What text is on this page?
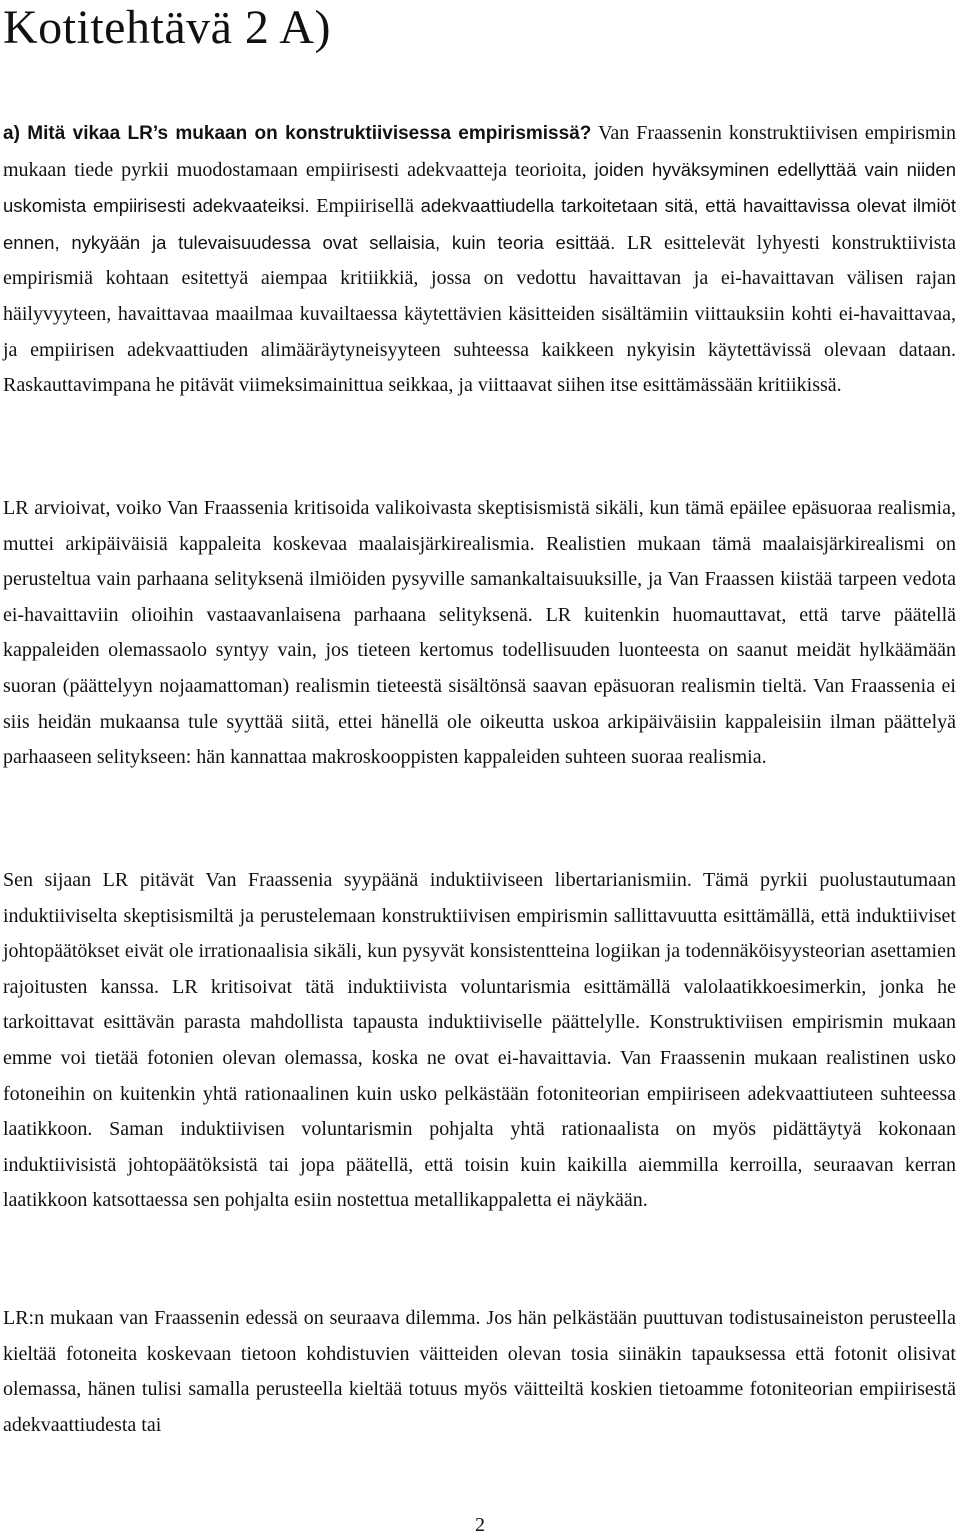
Kotitehtävä 2 A)

a) Mitä vikaa LR’s mukaan on konstruktiivisessa empirismissä? Van Fraassenin konstruktiivisen empirismin mukaan tiede pyrkii muodostamaan empiirisesti adekvaatteja teorioita, joiden hyväksyminen edellyttää vain niiden uskomista empiirisesti adekvaateiksi. Empiirisellä adekvaattiudella tarkoitetaan sitä, että havaittavissa olevat ilmiöt ennen, nykyään ja tulevaisuudessa ovat sellaisia, kuin teoria esittää. LR esittelevät lyhyesti konstruktiivista empirismiä kohtaan esitettyä aiempaa kritiikkiä, jossa on vedottu havaittavan ja ei-havaittavan välisen rajan häilyvyyteen, havaittavaa maailmaa kuvailtaessa käytettävien käsitteiden sisältämiin viittauksiin kohti ei-havaittavaa, ja empiirisen adekvaattiuden alimääräytyneisyyteen suhteessa kaikkeen nykyisin käytettävissä olevaan dataan. Raskauttavimpana he pitävät viimeksimainittua seikkaa, ja viittaavat siihen itse esittämässään kritiikissä.

LR arvioivat, voiko Van Fraassenia kritisoida valikoivasta skeptisismistä sikäli, kun tämä epäilee epäsuoraa realismia, muttei arkipäiväisiä kappaleita koskevaa maalaisjärkirealismia. Realistien mukaan tämä maalaisjärkirealismi on perusteltua vain parhaana selityksenä ilmiöiden pysyville samankaltaisuuksille, ja Van Fraassen kiistää tarpeen vedota ei-havaittaviin olioihin vastaavanlaisena parhaana selityksenä. LR kuitenkin huomauttavat, että tarve päätellä kappaleiden olemassaolo syntyy vain, jos tieteen kertomus todellisuuden luonteesta on saanut meidät hylkäämään suoran (päättelyyn nojaamattoman) realismin tieteestä sisältönsä saavan epäsuoran realismin tieltä. Van Fraassenia ei siis heidän mukaansa tule syyttää siitä, ettei hänellä ole oikeutta uskoa arkipäiväisiin kappaleisiin ilman päättelyä parhaaseen selitykseen: hän kannattaa makroskooppisten kappaleiden suhteen suoraa realismia.

Sen sijaan LR pitävät Van Fraassenia syypäänä induktiiviseen libertarianismiin. Tämä pyrkii puolustautumaan induktiiviselta skeptisismiltä ja perustelemaan konstruktiivisen empirismin sallittavuutta esittämällä, että induktiiviset johtopäätökset eivät ole irrationaalisia sikäli, kun pysyvät konsistentteina logiikan ja todennäköisyysteorian asettamien rajoitusten kanssa. LR kritisoivat tätä induktiivista voluntarismia esittämällä valolaatikkoesimerkin, jonka he tarkoittavat esittävän parasta mahdollista tapausta induktiiviselle päättelylle. Konstruktiviisen empirismin mukaan emme voi tietää fotonien olevan olemassa, koska ne ovat ei-havaittavia. Van Fraassenin mukaan realistinen usko fotoneihin on kuitenkin yhtä rationaalinen kuin usko pelkästään fotoniteorian empiiriseen adekvaattiuteen suhteessa laatikkoon. Saman induktiivisen voluntarismin pohjalta yhtä rationaalista on myös pidättäytyä kokonaan induktiivisistä johtopäätöksistä tai jopa päätellä, että toisin kuin kaikilla aiemmilla kerroilla, seuraavan kerran laatikkoon katsottaessa sen pohjalta esiin nostettua metallikappaletta ei näykään.

LR:n mukaan van Fraassenin edessä on seuraava dilemma. Jos hän pelkästään puuttuvan todistusaineiston perusteella kieltää fotoneita koskevaan tietoon kohdistuvien väitteiden olevan tosia siinäkin tapauksessa että fotonit olisivat olemassa, hänen tulisi samalla perusteella kieltää totuus myös väitteiltä koskien tietoamme fotoniteorian empiirisestä adekvaattiudesta tai

2
